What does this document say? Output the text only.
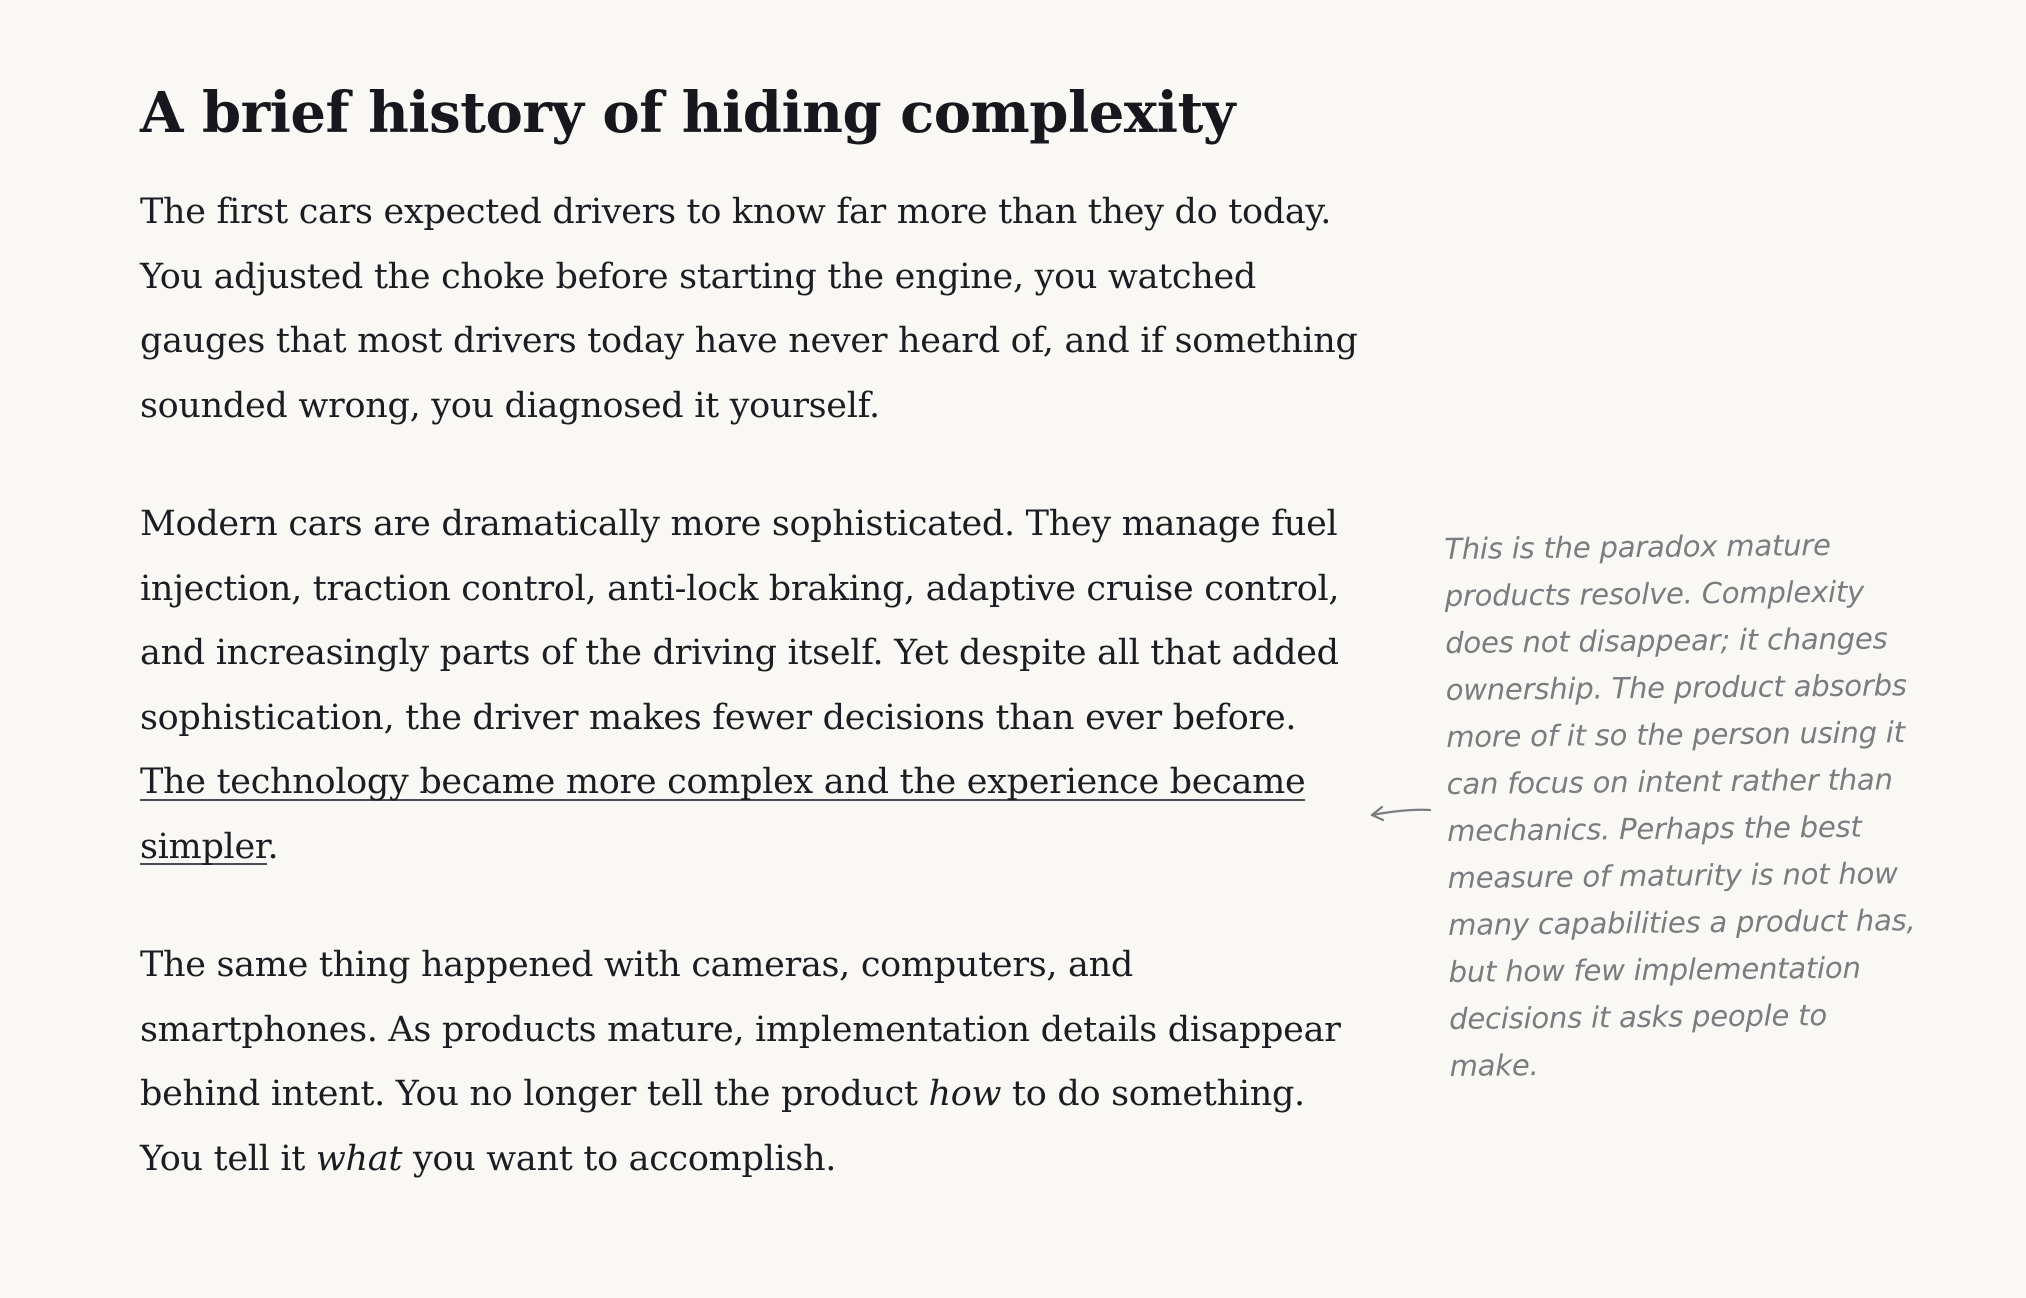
A brief history of hiding complexity

The first cars expected drivers to know far more than they do today. You adjusted the choke before starting the engine, you watched gauges that most drivers today have never heard of, and if something sounded wrong, you diagnosed it yourself.

Modern cars are dramatically more sophisticated. They manage fuel injection, traction control, anti-lock braking, adaptive cruise control, and increasingly parts of the driving itself. Yet despite all that added sophistication, the driver makes fewer decisions than ever before. The technology became more complex and the experience became simpler.

The same thing happened with cameras, computers, and smartphones. As products mature, implementation details disappear behind intent. You no longer tell the product how to do something. You tell it what you want to accomplish.

This is the paradox mature products resolve. Complexity does not disappear; it changes ownership. The product absorbs more of it so the person using it can focus on intent rather than mechanics. Perhaps the best measure of maturity is not how many capabilities a product has, but how few implementation decisions it asks people to make.
